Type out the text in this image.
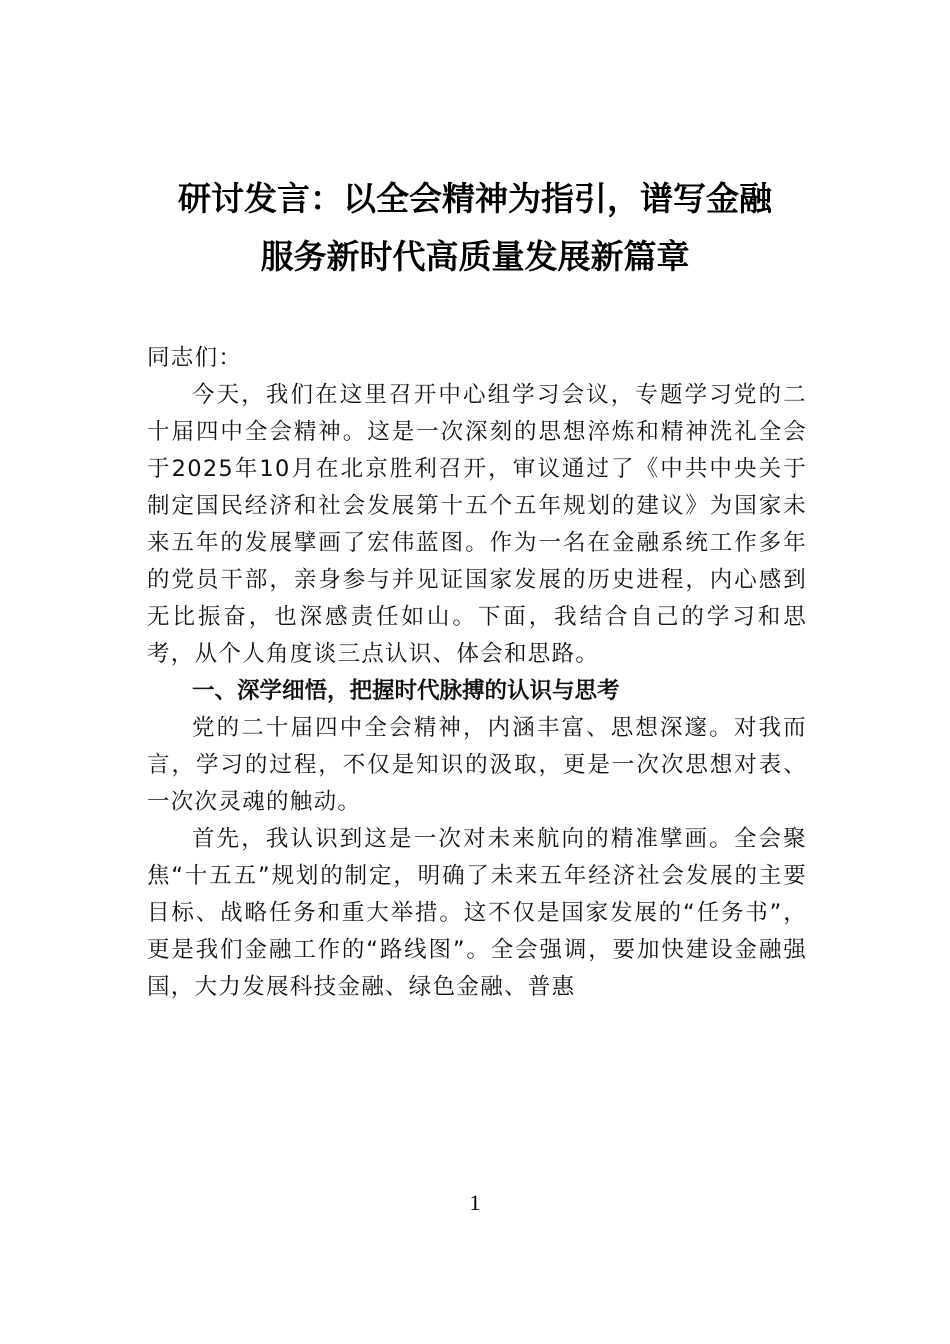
研讨发言：以全会精神为指引，谱写金融
服务新时代高质量发展新篇章

同志们：

今天，我们在这里召开中心组学习会议，专题学习党的二十届四中全会精神。这是一次深刻的思想淬炼和精神洗礼全会于2025年10月在北京胜利召开，审议通过了《中共中央关于制定国民经济和社会发展第十五个五年规划的建议》为国家未来五年的发展擘画了宏伟蓝图。作为一名在金融系统工作多年的党员干部，亲身参与并见证国家发展的历史进程，内心感到无比振奋，也深感责任如山。下面，我结合自己的学习和思考，从个人角度谈三点认识、体会和思路。

一、深学细悟，把握时代脉搏的认识与思考

党的二十届四中全会精神，内涵丰富、思想深邃。对我而言，学习的过程，不仅是知识的汲取，更是一次次思想对表、一次次灵魂的触动。

首先，我认识到这是一次对未来航向的精准擘画。全会聚焦“十五五”规划的制定，明确了未来五年经济社会发展的主要目标、战略任务和重大举措。这不仅是国家发展的“任务书”，更是我们金融工作的“路线图”。全会强调，要加快建设金融强国，大力发展科技金融、绿色金融、普惠

1
